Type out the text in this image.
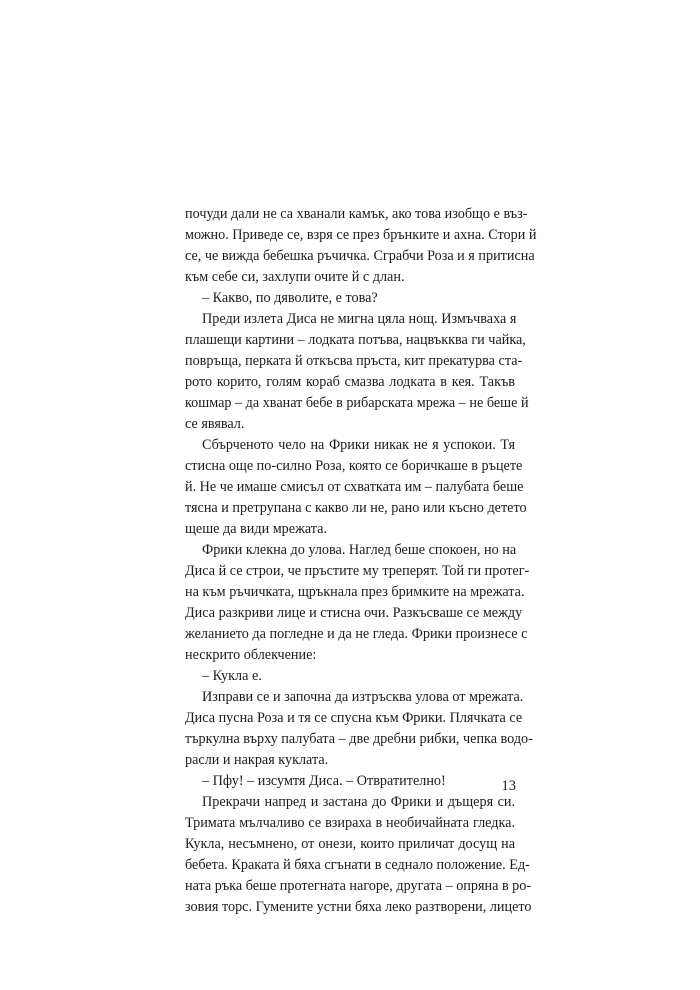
почуди дали не са хванали камък, ако това изобщо е въз-
можно. Приведе се, взря се през брънките и ахна. Стори й
се, че вижда бебешка ръчичка. Сграбчи Роза и я притисна
към себе си, захлупи очите й с длан.
– Какво, по дяволите, е това?
Преди излета Диса не мигна цяла нощ. Измъчваха я
плашещи картини – лодката потъва, нацвъкква ги чайка,
повръща, перката й откъсва пръста, кит прекатурва ста-
рото корито, голям кораб смазва лодката в кея. Такъв
кошмар – да хванат бебе в рибарската мрежа – не беше й
се явявал.
Сбърченото чело на Фрики никак не я успокои. Тя
стисна още по-силно Роза, която се боричкаше в ръцете
й. Не че имаше смисъл от схватката им – палубата беше
тясна и претрупана с какво ли не, рано или късно детето
щеше да види мрежата.
Фрики клекна до улова. Наглед беше спокоен, но на
Диса й се строи, че пръстите му треперят. Той ги протег-
на към ръчичката, щръкнала през бримките на мрежата.
Диса разкриви лице и стисна очи. Разкъсваше се между
желанието да погледне и да не гледа. Фрики произнесе с
нескрито облекчение:
– Кукла е.
Изправи се и започна да изтръсква улова от мрежата.
Диса пусна Роза и тя се спусна към Фрики. Плячката се
търкулна върху палубата – две дребни рибки, чепка водо-
расли и накрая куклата.
– Пфу! – изсумтя Диса. – Отвратително!
Прекрачи напред и застана до Фрики и дъщеря си.
Тримата мълчаливо се взираха в необичайната гледка.
Кукла, несъмнено, от онези, които приличат досущ на
бебета. Краката й бяха сгънати в седнало положение. Ед-
ната ръка беше протегната нагоре, другата – опряна в ро-
зовия торс. Гумените устни бяха леко разтворени, лицето
13
